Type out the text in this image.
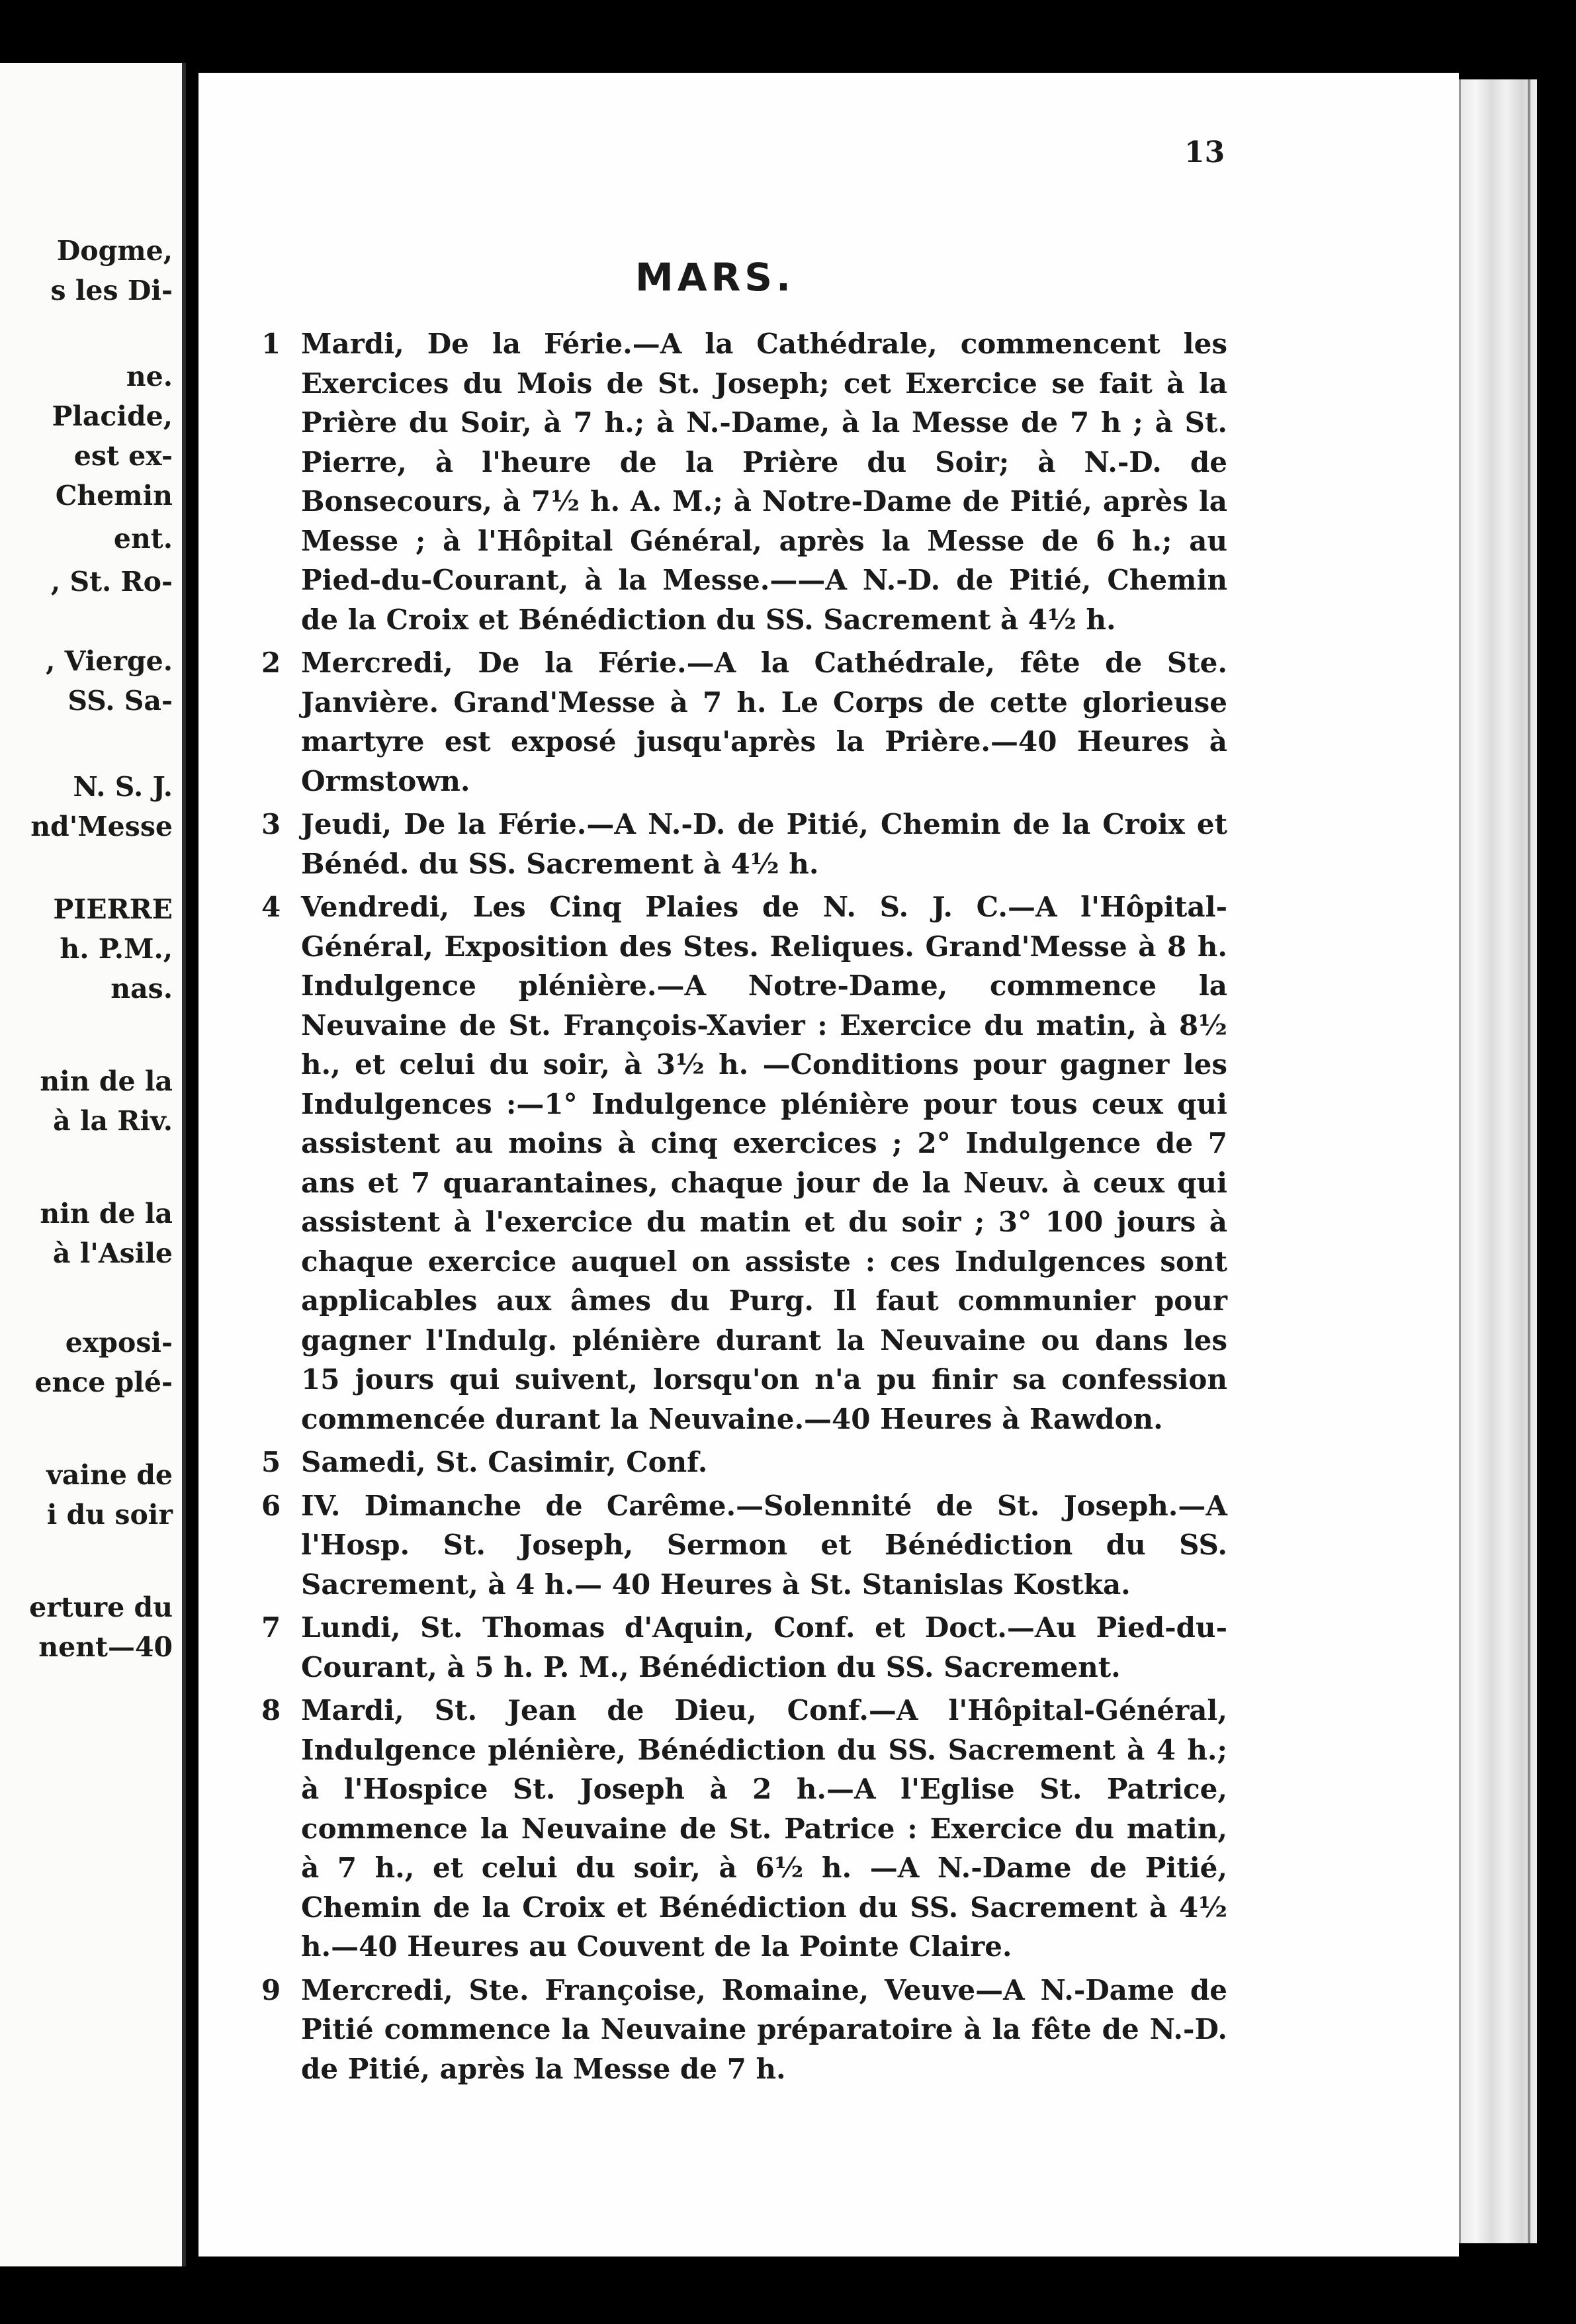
Dogme,
s les Di-
ne.
Placide,
est ex-
Chemin
ent.
, St. Ro-
, Vierge.
SS. Sa-
N. S. J.
nd'Messe
PIERRE
h. P.M.,
nas.
nin de la
à la Riv.
nin de la
à l'Asile
exposi-
ence plé-
vaine de
i du soir
erture du
nent—40
13
MARS.
1 Mardi, De la Férie.—A la Cathédrale, commencent les Exercices du Mois de St. Joseph; cet Exercice se fait à la Prière du Soir, à 7 h.; à N.-Dame, à la Messe de 7 h ; à St. Pierre, à l'heure de la Prière du Soir; à N.-D. de Bonsecours, à 7½ h. A. M.; à Notre-Dame de Pitié, après la Messe ; à l'Hôpital Général, après la Messe de 6 h.; au Pied-du-Courant, à la Messe.——A N.-D. de Pitié, Chemin de la Croix et Bénédiction du SS. Sacrement à 4½ h.
2 Mercredi, De la Férie.—A la Cathédrale, fête de Ste. Janvière. Grand'Messe à 7 h. Le Corps de cette glorieuse martyre est exposé jusqu'après la Prière.—40 Heures à Ormstown.
3 Jeudi, De la Férie.—A N.-D. de Pitié, Chemin de la Croix et Bénéd. du SS. Sacrement à 4½ h.
4 Vendredi, Les Cinq Plaies de N. S. J. C.—A l'Hôpital-Général, Exposition des Stes. Reliques. Grand'Messe à 8 h. Indulgence plénière.—A Notre-Dame, commence la Neuvaine de St. François-Xavier : Exercice du matin, à 8½ h., et celui du soir, à 3½ h. —Conditions pour gagner les Indulgences :—1° Indulgence plénière pour tous ceux qui assistent au moins à cinq exercices ; 2° Indulgence de 7 ans et 7 quarantaines, chaque jour de la Neuv. à ceux qui assistent à l'exercice du matin et du soir ; 3° 100 jours à chaque exercice auquel on assiste : ces Indulgences sont applicables aux âmes du Purg. Il faut communier pour gagner l'Indulg. plénière durant la Neuvaine ou dans les 15 jours qui suivent, lorsqu'on n'a pu finir sa confession commencée durant la Neuvaine.—40 Heures à Rawdon.
5 Samedi, St. Casimir, Conf.
6 IV. Dimanche de Carême.—Solennité de St. Joseph.—A l'Hosp. St. Joseph, Sermon et Bénédiction du SS. Sacrement, à 4 h.— 40 Heures à St. Stanislas Kostka.
7 Lundi, St. Thomas d'Aquin, Conf. et Doct.—Au Pied-du-Courant, à 5 h. P. M., Bénédiction du SS. Sacrement.
8 Mardi, St. Jean de Dieu, Conf.—A l'Hôpital-Général, Indulgence plénière, Bénédiction du SS. Sacrement à 4 h.; à l'Hospice St. Joseph à 2 h.—A l'Eglise St. Patrice, commence la Neuvaine de St. Patrice : Exercice du matin, à 7 h., et celui du soir, à 6½ h. —A N.-Dame de Pitié, Chemin de la Croix et Bénédiction du SS. Sacrement à 4½ h.—40 Heures au Couvent de la Pointe Claire.
9 Mercredi, Ste. Françoise, Romaine, Veuve—A N.-Dame de Pitié commence la Neuvaine préparatoire à la fête de N.-D. de Pitié, après la Messe de 7 h.
